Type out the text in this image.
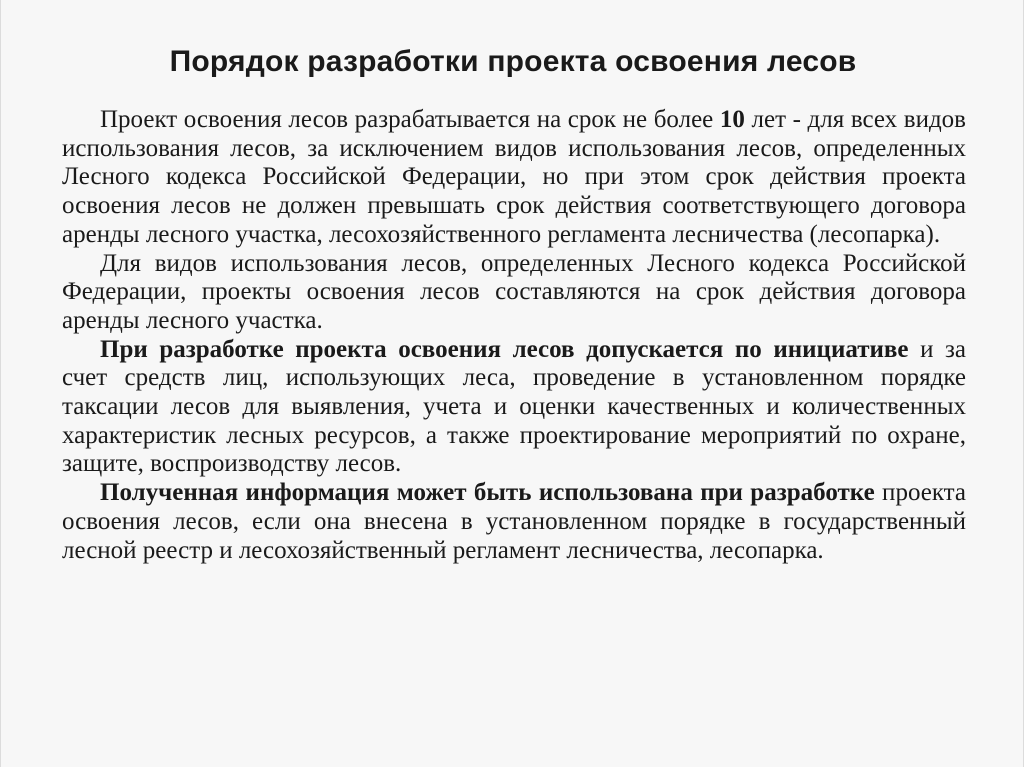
Порядок разработки проекта освоения лесов

Проект освоения лесов разрабатывается на срок не более 10 лет - для всех видов использования лесов, за исключением видов использования лесов, определенных Лесного кодекса Российской Федерации, но при этом срок действия проекта освоения лесов не должен превышать срок действия соответствующего договора аренды лесного участка, лесохозяйственного регламента лесничества (лесопарка).

Для видов использования лесов, определенных Лесного кодекса Российской Федерации, проекты освоения лесов составляются на срок действия договора аренды лесного участка.

При разработке проекта освоения лесов допускается по инициативе и за счет средств лиц, использующих леса, проведение в установленном порядке таксации лесов для выявления, учета и оценки качественных и количественных характеристик лесных ресурсов, а также проектирование мероприятий по охране, защите, воспроизводству лесов.

Полученная информация может быть использована при разработке проекта освоения лесов, если она внесена в установленном порядке в государственный лесной реестр и лесохозяйственный регламент лесничества, лесопарка.
